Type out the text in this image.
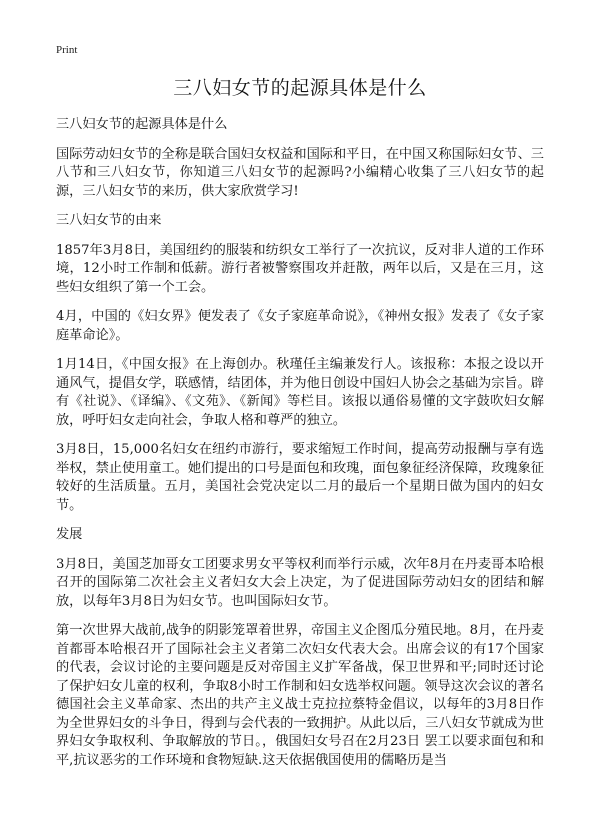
Print
三八妇女节的起源具体是什么

三八妇女节的起源具体是什么

国际劳动妇女节的全称是联合国妇女权益和国际和平日，在中国又称国际妇女节、三八节和三八妇女节，你知道三八妇女节的起源吗?小编精心收集了三八妇女节的起源，三八妇女节的来历，供大家欣赏学习!

三八妇女节的由来

1857年3月8日，美国纽约的服装和纺织女工举行了一次抗议，反对非人道的工作环境，12小时工作制和低薪。游行者被警察围攻并赶散，两年以后，又是在三月，这些妇女组织了第一个工会。

4月，中国的《妇女界》便发表了《女子家庭革命说》，《神州女报》发表了《女子家庭革命论》。

1月14日，《中国女报》在上海创办。秋瑾任主编兼发行人。该报称：本报之设以开通风气，提倡女学，联感情，结团体，并为他日创设中国妇人协会之基础为宗旨。辟有《社说》、《译编》、《文苑》、《新闻》等栏目。该报以通俗易懂的文字鼓吹妇女解放，呼吁妇女走向社会，争取人格和尊严的独立。

3月8日，15,000名妇女在纽约市游行，要求缩短工作时间，提高劳动报酬与享有选举权，禁止使用童工。她们提出的口号是面包和玫瑰，面包象征经济保障，玫瑰象征较好的生活质量。五月，美国社会党决定以二月的最后一个星期日做为国内的妇女节。

发展

3月8日，美国芝加哥女工团要求男女平等权利而举行示威，次年8月在丹麦哥本哈根召开的国际第二次社会主义者妇女大会上决定，为了促进国际劳动妇女的团结和解放，以每年3月8日为妇女节。也叫国际妇女节。

第一次世界大战前,战争的阴影笼罩着世界，帝国主义企图瓜分殖民地。8月，在丹麦首都哥本哈根召开了国际社会主义者第二次妇女代表大会。出席会议的有17个国家的代表，会议讨论的主要问题是反对帝国主义扩军备战，保卫世界和平;同时还讨论了保护妇女儿童的权利，争取8小时工作制和妇女选举权问题。领导这次会议的著名德国社会主义革命家、杰出的共产主义战士克拉拉蔡特金倡议，以每年的3月8日作为全世界妇女的斗争日，得到与会代表的一致拥护。从此以后，三八妇女节就成为世界妇女争取权利、争取解放的节日。，俄国妇女号召在2月23日 罢工以要求面包和和平,抗议恶劣的工作环境和食物短缺.这天依据俄国使用的儒略历是当
